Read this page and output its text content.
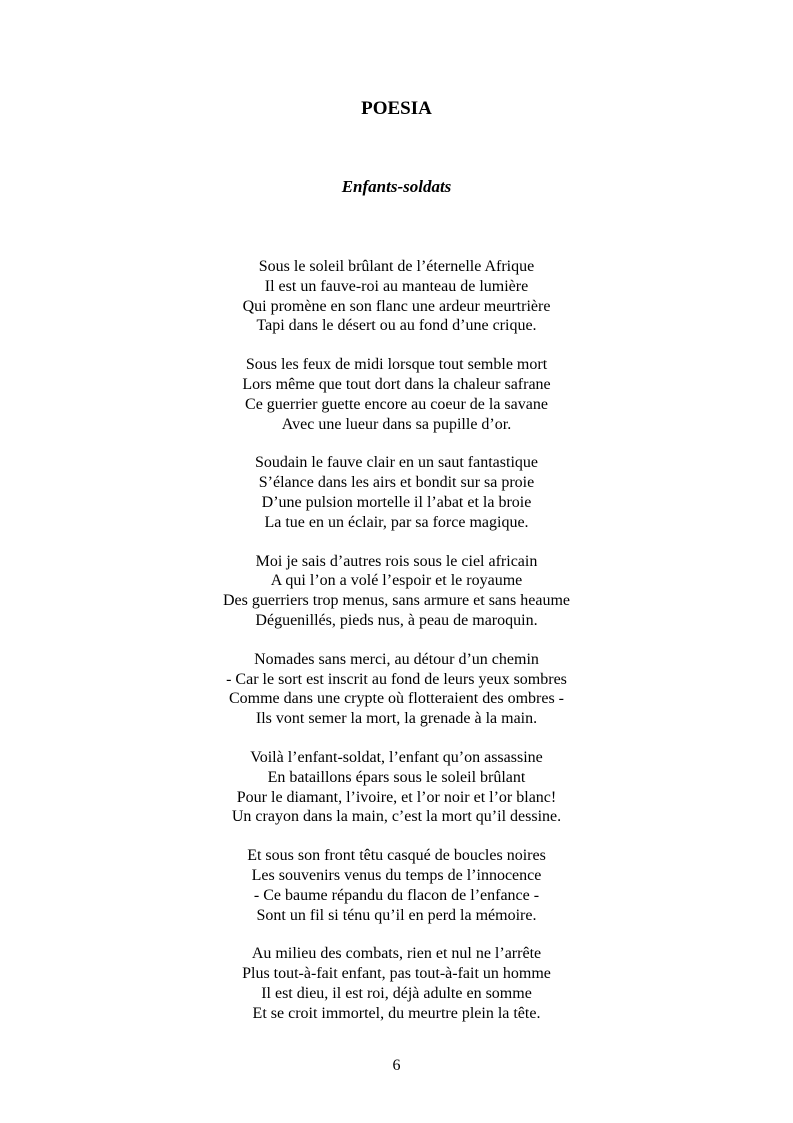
POESIA
Enfants-soldats
Sous le soleil brûlant de l’éternelle Afrique
Il est un fauve-roi au manteau de lumière
Qui promène en son flanc une ardeur meurtrière
Tapi dans le désert ou au fond d’une crique.
Sous les feux de midi lorsque tout semble mort
Lors même que tout dort dans la chaleur safrane
Ce guerrier guette encore au coeur de la savane
Avec une lueur dans sa pupille d’or.
Soudain le fauve clair en un saut fantastique
S’élance dans les airs et bondit sur sa proie
D’une pulsion mortelle il l’abat et la broie
La tue en un éclair, par sa force magique.
Moi je sais d’autres rois sous le ciel africain
A qui l’on a volé l’espoir et le royaume
Des guerriers trop menus, sans armure et sans heaume
Déguenillés, pieds nus, à peau de maroquin.
Nomades sans merci, au détour d’un chemin
- Car le sort est inscrit au fond de leurs yeux sombres
Comme dans une crypte où flotteraient des ombres -
Ils vont semer la mort, la grenade à la main.
Voilà l’enfant-soldat, l’enfant qu’on assassine
En bataillons épars sous le soleil brûlant
Pour le diamant, l’ivoire, et l’or noir et l’or blanc!
Un crayon dans la main, c’est la mort qu’il dessine.
Et sous son front têtu casqué de boucles noires
Les souvenirs venus du temps de l’innocence
- Ce baume répandu du flacon de l’enfance -
Sont un fil si ténu qu’il en perd la mémoire.
Au milieu des combats, rien et nul ne l’arrête
Plus tout-à-fait enfant, pas tout-à-fait un homme
Il est dieu, il est roi, déjà adulte en somme
Et se croit immortel, du meurtre plein la tête.
6
